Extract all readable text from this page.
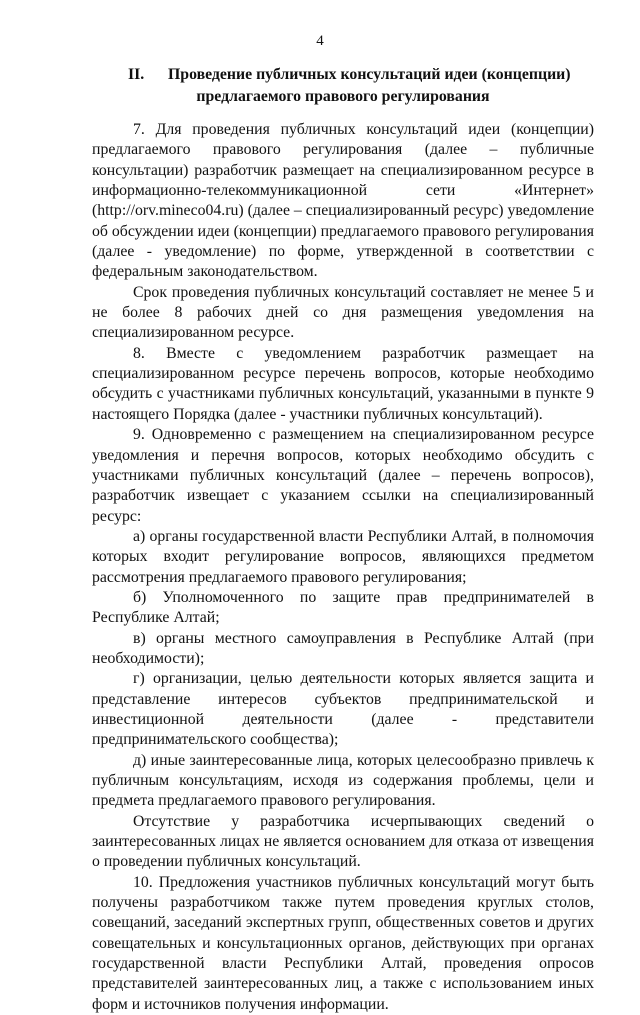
4
II. Проведение публичных консультаций идеи (концепции)
предлагаемого правового регулирования

7. Для проведения публичных консультаций идеи (концепции) предлагаемого правового регулирования (далее – публичные консультации) разработчик размещает на специализированном ресурсе в информационно-телекоммуникационной сети «Интернет» (http://orv.mineco04.ru) (далее – специализированный ресурс) уведомление об обсуждении идеи (концепции) предлагаемого правового регулирования (далее - уведомление) по форме, утвержденной в соответствии с федеральным законодательством.

Срок проведения публичных консультаций составляет не менее 5 и не более 8 рабочих дней со дня размещения уведомления на специализированном ресурсе.

8. Вместе с уведомлением разработчик размещает на специализированном ресурсе перечень вопросов, которые необходимо обсудить с участниками публичных консультаций, указанными в пункте 9 настоящего Порядка (далее - участники публичных консультаций).

9. Одновременно с размещением на специализированном ресурсе уведомления и перечня вопросов, которых необходимо обсудить с участниками публичных консультаций (далее – перечень вопросов), разработчик извещает с указанием ссылки на специализированный ресурс:

а) органы государственной власти Республики Алтай, в полномочия которых входит регулирование вопросов, являющихся предметом рассмотрения предлагаемого правового регулирования;

б) Уполномоченного по защите прав предпринимателей в Республике Алтай;

в) органы местного самоуправления в Республике Алтай (при необходимости);

г) организации, целью деятельности которых является защита и представление интересов субъектов предпринимательской и инвестиционной деятельности (далее - представители предпринимательского сообщества);

д) иные заинтересованные лица, которых целесообразно привлечь к публичным консультациям, исходя из содержания проблемы, цели и предмета предлагаемого правового регулирования.

Отсутствие у разработчика исчерпывающих сведений о заинтересованных лицах не является основанием для отказа от извещения о проведении публичных консультаций.

10. Предложения участников публичных консультаций могут быть получены разработчиком также путем проведения круглых столов, совещаний, заседаний экспертных групп, общественных советов и других совещательных и консультационных органов, действующих при органах государственной власти Республики Алтай, проведения опросов представителей заинтересованных лиц, а также с использованием иных форм и источников получения информации.
